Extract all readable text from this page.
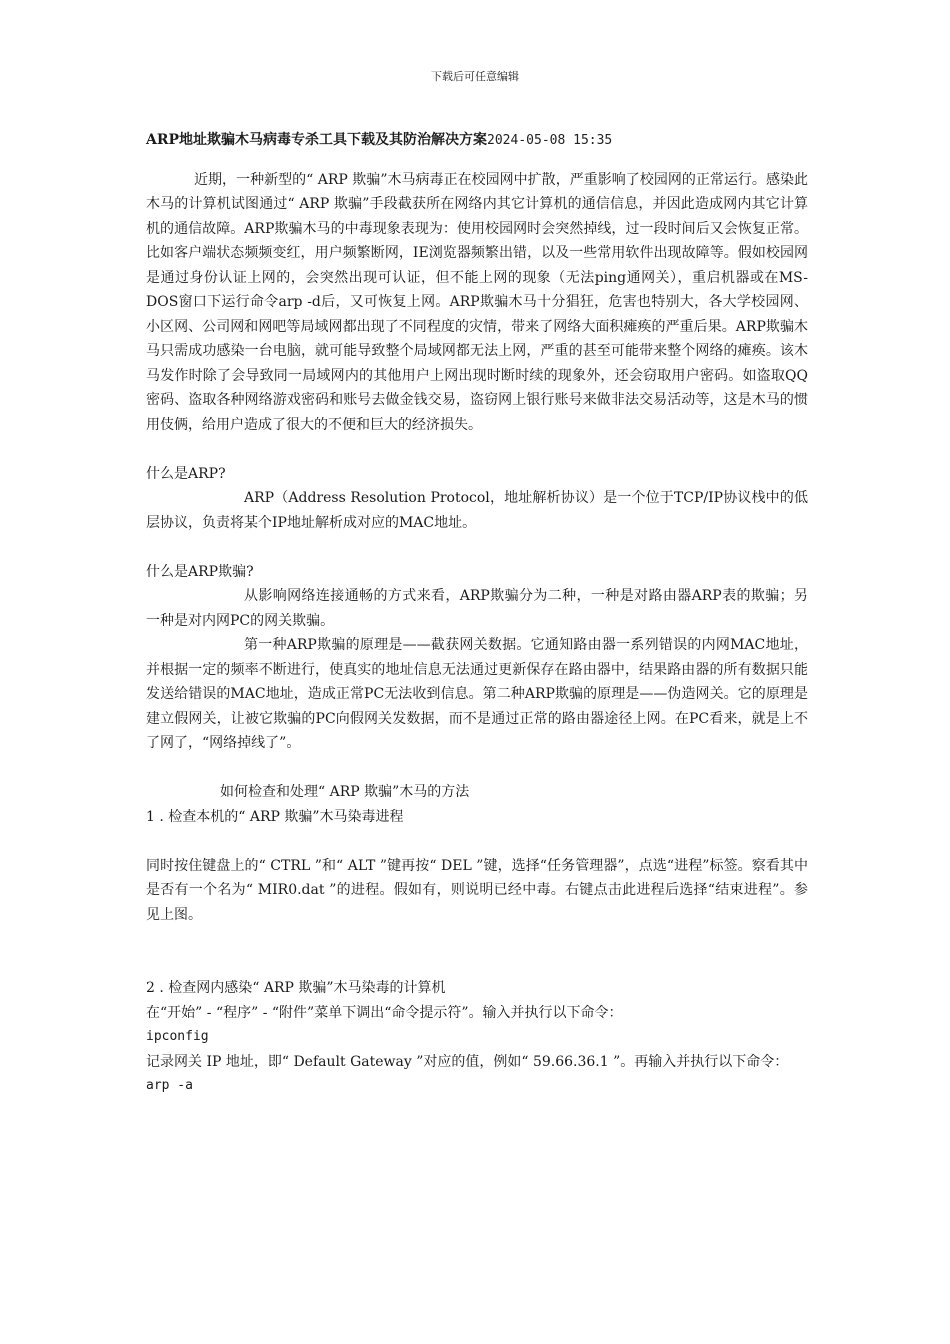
下载后可任意编辑
ARP地址欺骗木马病毒专杀工具下载及其防治解决方案2024-05-08 15:35

近期，一种新型的“ ARP 欺骗”木马病毒正在校园网中扩散，严重影响了校园网的正常运行。感染此木马的计算机试图通过“ ARP 欺骗”手段截获所在网络内其它计算机的通信信息，并因此造成网内其它计算机的通信故障。ARP欺骗木马的中毒现象表现为：使用校园网时会突然掉线，过一段时间后又会恢复正常。比如客户端状态频频变红，用户频繁断网，IE浏览器频繁出错，以及一些常用软件出现故障等。假如校园网是通过身份认证上网的，会突然出现可认证，但不能上网的现象（无法ping通网关），重启机器或在MS-DOS窗口下运行命令arp -d后，又可恢复上网。ARP欺骗木马十分猖狂，危害也特别大，各大学校园网、小区网、公司网和网吧等局域网都出现了不同程度的灾情，带来了网络大面积瘫痪的严重后果。ARP欺骗木马只需成功感染一台电脑，就可能导致整个局域网都无法上网，严重的甚至可能带来整个网络的瘫痪。该木马发作时除了会导致同一局域网内的其他用户上网出现时断时续的现象外，还会窃取用户密码。如盗取QQ密码、盗取各种网络游戏密码和账号去做金钱交易，盗窃网上银行账号来做非法交易活动等，这是木马的惯用伎俩，给用户造成了很大的不便和巨大的经济损失。

什么是ARP?

ARP（Address Resolution Protocol，地址解析协议）是一个位于TCP/IP协议栈中的低层协议，负责将某个IP地址解析成对应的MAC地址。

什么是ARP欺骗?

从影响网络连接通畅的方式来看，ARP欺骗分为二种，一种是对路由器ARP表的欺骗；另一种是对内网PC的网关欺骗。

第一种ARP欺骗的原理是——截获网关数据。它通知路由器一系列错误的内网MAC地址，并根据一定的频率不断进行，使真实的地址信息无法通过更新保存在路由器中，结果路由器的所有数据只能发送给错误的MAC地址，造成正常PC无法收到信息。第二种ARP欺骗的原理是——伪造网关。它的原理是建立假网关，让被它欺骗的PC向假网关发数据，而不是通过正常的路由器途径上网。在PC看来，就是上不了网了，“网络掉线了”。

如何检查和处理“ ARP 欺骗”木马的方法

1 . 检查本机的“ ARP 欺骗”木马染毒进程

同时按住键盘上的“ CTRL ”和“ ALT ”键再按“ DEL ”键，选择“任务管理器”，点选“进程”标签。察看其中是否有一个名为“ MIR0.dat ”的进程。假如有，则说明已经中毒。右键点击此进程后选择“结束进程”。参见上图。

2 . 检查网内感染“ ARP 欺骗”木马染毒的计算机

在“开始” - “程序” - “附件”菜单下调出“命令提示符”。输入并执行以下命令：

ipconfig

记录网关 IP 地址，即“ Default Gateway ”对应的值，例如“ 59.66.36.1 ”。再输入并执行以下命令：

arp -a
